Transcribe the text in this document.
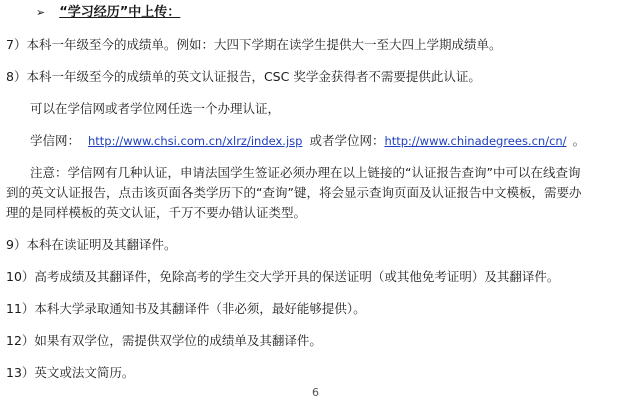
➢ “学习经历”中上传：
7）本科一年级至今的成绩单。例如：大四下学期在读学生提供大一至大四上学期成绩单。
8）本科一年级至今的成绩单的英文认证报告，CSC 奖学金获得者不需要提供此认证。
可以在学信网或者学位网任选一个办理认证，
学信网： http://www.chsi.com.cn/xlrz/index.jsp 或者学位网：http://www.chinadegrees.cn/cn/ 。
注意：学信网有几种认证，申请法国学生签证必须办理在以上链接的“认证报告查询”中可以在线查询
到的英文认证报告，点击该页面各类学历下的“查询”键，将会显示查询页面及认证报告中文模板，需要办
理的是同样模板的英文认证，千万不要办错认证类型。
9）本科在读证明及其翻译件。
10）高考成绩及其翻译件，免除高考的学生交大学开具的保送证明（或其他免考证明）及其翻译件。
11）本科大学录取通知书及其翻译件（非必须，最好能够提供）。
12）如果有双学位，需提供双学位的成绩单及其翻译件。
13）英文或法文简历。
6
